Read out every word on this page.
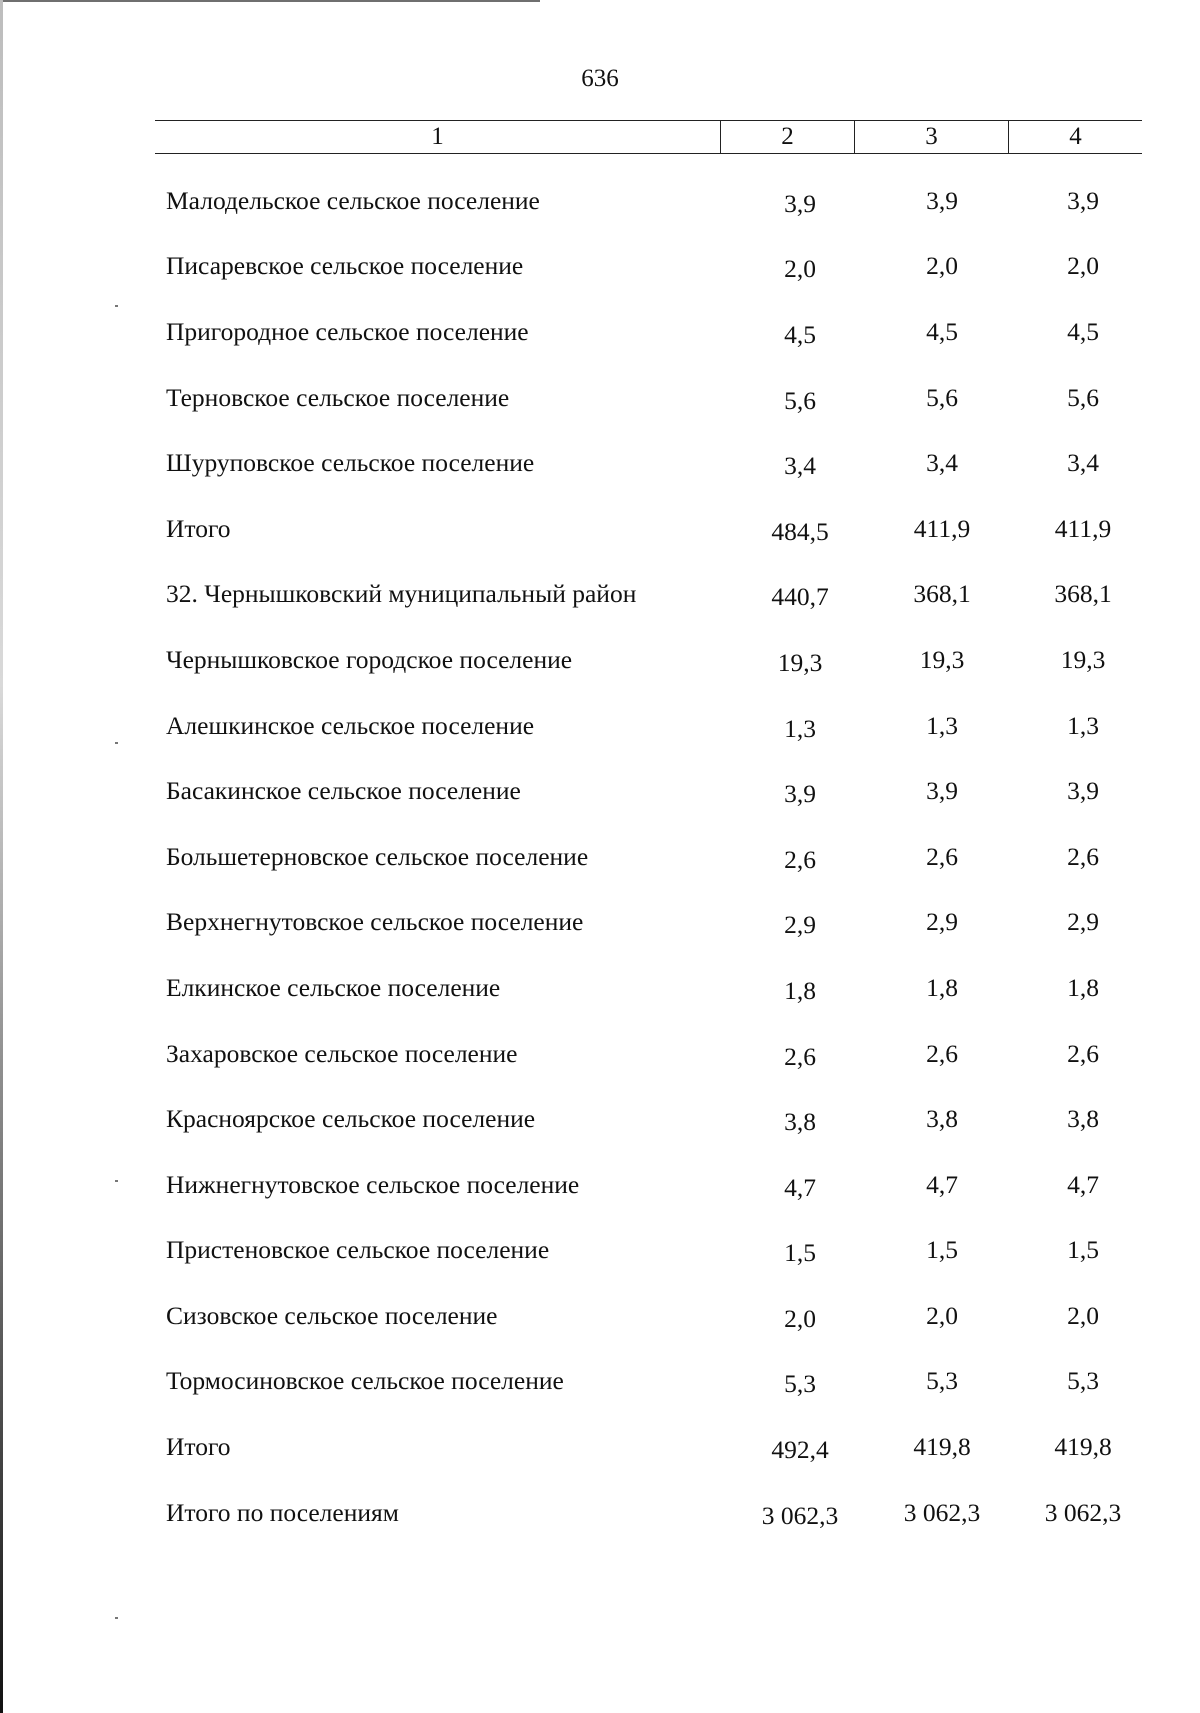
636
1	2	3	4
Малодельское сельское поселение	3,9	3,9	3,9
Писаревское сельское поселение	2,0	2,0	2,0
Пригородное сельское поселение	4,5	4,5	4,5
Терновское сельское поселение	5,6	5,6	5,6
Шуруповское сельское поселение	3,4	3,4	3,4
Итого	484,5	411,9	411,9
32. Чернышковский муниципальный район	440,7	368,1	368,1
Чернышковское городское поселение	19,3	19,3	19,3
Алешкинское сельское поселение	1,3	1,3	1,3
Басакинское сельское поселение	3,9	3,9	3,9
Большетерновское сельское поселение	2,6	2,6	2,6
Верхнегнутовское сельское поселение	2,9	2,9	2,9
Елкинское сельское поселение	1,8	1,8	1,8
Захаровское сельское поселение	2,6	2,6	2,6
Красноярское сельское поселение	3,8	3,8	3,8
Нижнегнутовское сельское поселение	4,7	4,7	4,7
Пристеновское сельское поселение	1,5	1,5	1,5
Сизовское сельское поселение	2,0	2,0	2,0
Тормосиновское сельское поселение	5,3	5,3	5,3
Итого	492,4	419,8	419,8
Итого по поселениям	3 062,3	3 062,3	3 062,3
